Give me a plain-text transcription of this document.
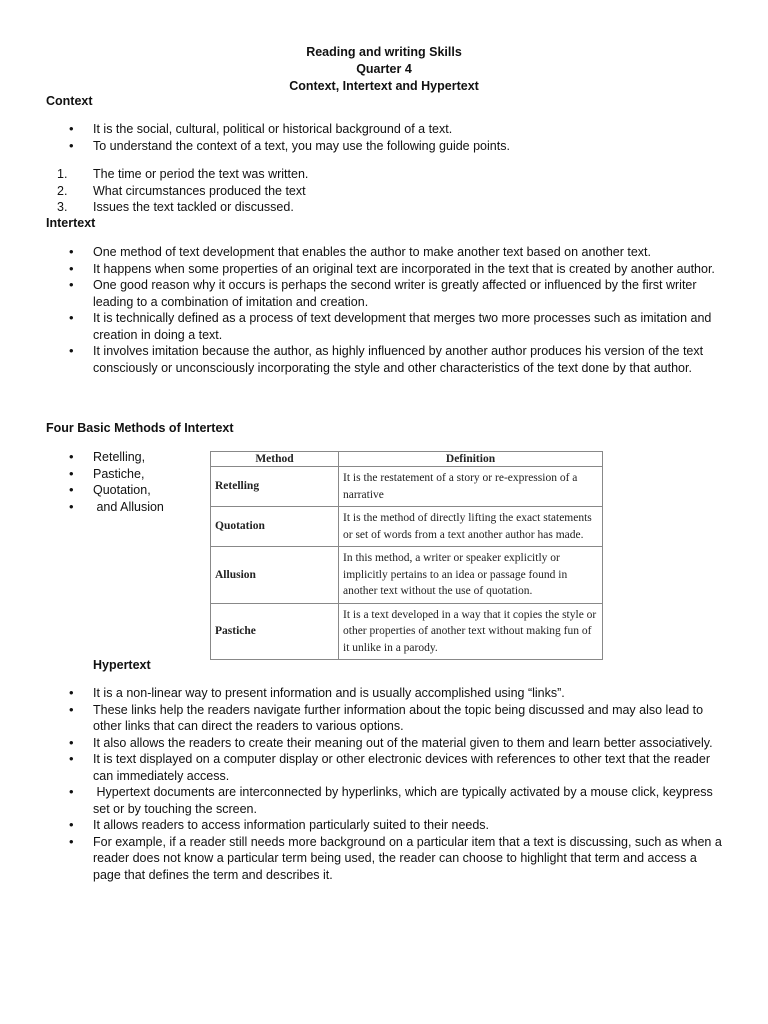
Reading and writing Skills
Quarter 4
Context, Intertext and Hypertext
Context
• It is the social, cultural, political or historical background of a text.
• To understand the context of a text, you may use the following guide points.
1.	The time or period the text was written.
2.	What circumstances produced the text
3.	Issues the text tackled or discussed.
Intertext
• One method of text development that enables the author to make another text based on another text.
• It happens when some properties of an original text are incorporated in the text that is created by another author.
• One good reason why it occurs is perhaps the second writer is greatly affected or influenced by the first writer leading to a combination of imitation and creation.
• It is technically defined as a process of text development that merges two more processes such as imitation and creation in doing a text.
• It involves imitation because the author, as highly influenced by another author produces his version of the text consciously or unconsciously incorporating the style and other characteristics of the text done by that author.
Four Basic Methods of Intertext
• Retelling,
• Pastiche,
• Quotation,
•  and Allusion
Method	Definition
Retelling	It is the restatement of a story or re-expression of a narrative
Quotation	It is the method of directly lifting the exact statements or set of words from a text another author has made.
Allusion	In this method, a writer or speaker explicitly or implicitly pertains to an idea or passage found in another text without the use of quotation.
Pastiche	It is a text developed in a way that it copies the style or other properties of another text without making fun of it unlike in a parody.
Hypertext
• It is a non-linear way to present information and is usually accomplished using “links”.
• These links help the readers navigate further information about the topic being discussed and may also lead to other links that can direct the readers to various options.
• It also allows the readers to create their meaning out of the material given to them and learn better associatively.
• It is text displayed on a computer display or other electronic devices with references to other text that the reader can immediately access.
•  Hypertext documents are interconnected by hyperlinks, which are typically activated by a mouse click, keypress set or by touching the screen.
• It allows readers to access information particularly suited to their needs.
• For example, if a reader still needs more background on a particular item that a text is discussing, such as when a reader does not know a particular term being used, the reader can choose to highlight that term and access a page that defines the term and describes it.
